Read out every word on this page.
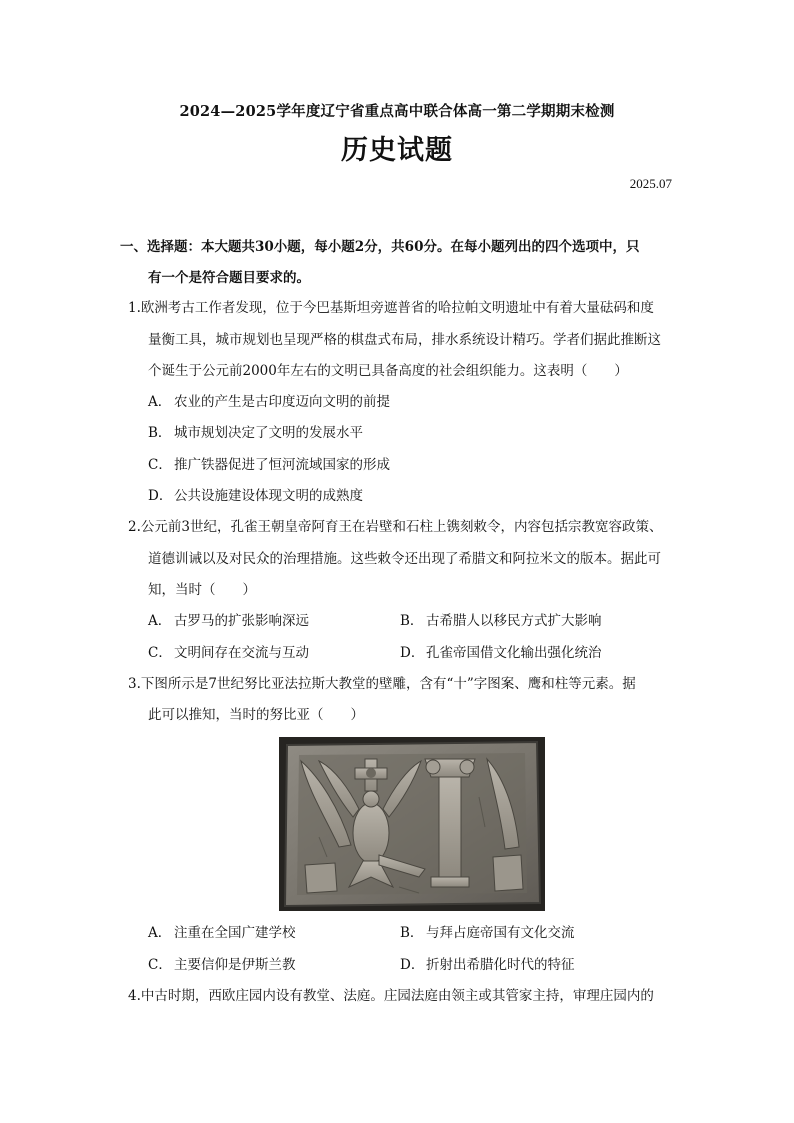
2024—2025学年度辽宁省重点高中联合体高一第二学期期末检测
历史试题
2025.07
一、选择题：本大题共30小题，每小题2分，共60分。在每小题列出的四个选项中，只
有一个是符合题目要求的。
1.欧洲考古工作者发现，位于今巴基斯坦旁遮普省的哈拉帕文明遗址中有着大量砝码和度
量衡工具，城市规划也呈现严格的棋盘式布局，排水系统设计精巧。学者们据此推断这
个诞生于公元前2000年左右的文明已具备高度的社会组织能力。这表明（　　）
A． 农业的产生是古印度迈向文明的前提
B． 城市规划决定了文明的发展水平
C． 推广铁器促进了恒河流域国家的形成
D． 公共设施建设体现文明的成熟度
2.公元前3世纪，孔雀王朝皇帝阿育王在岩壁和石柱上镌刻敕令，内容包括宗教宽容政策、
道德训诫以及对民众的治理措施。这些敕令还出现了希腊文和阿拉米文的版本。据此可
知，当时（　　）
A． 古罗马的扩张影响深远	B． 古希腊人以移民方式扩大影响
C． 文明间存在交流与互动	D． 孔雀帝国借文化输出强化统治
3.下图所示是7世纪努比亚法拉斯大教堂的壁雕，含有“十”字图案、鹰和柱等元素。据
此可以推知，当时的努比亚（　　）
A． 注重在全国广建学校	B． 与拜占庭帝国有文化交流
C． 主要信仰是伊斯兰教	D． 折射出希腊化时代的特征
4.中古时期，西欧庄园内设有教堂、法庭。庄园法庭由领主或其管家主持，审理庄园内的
